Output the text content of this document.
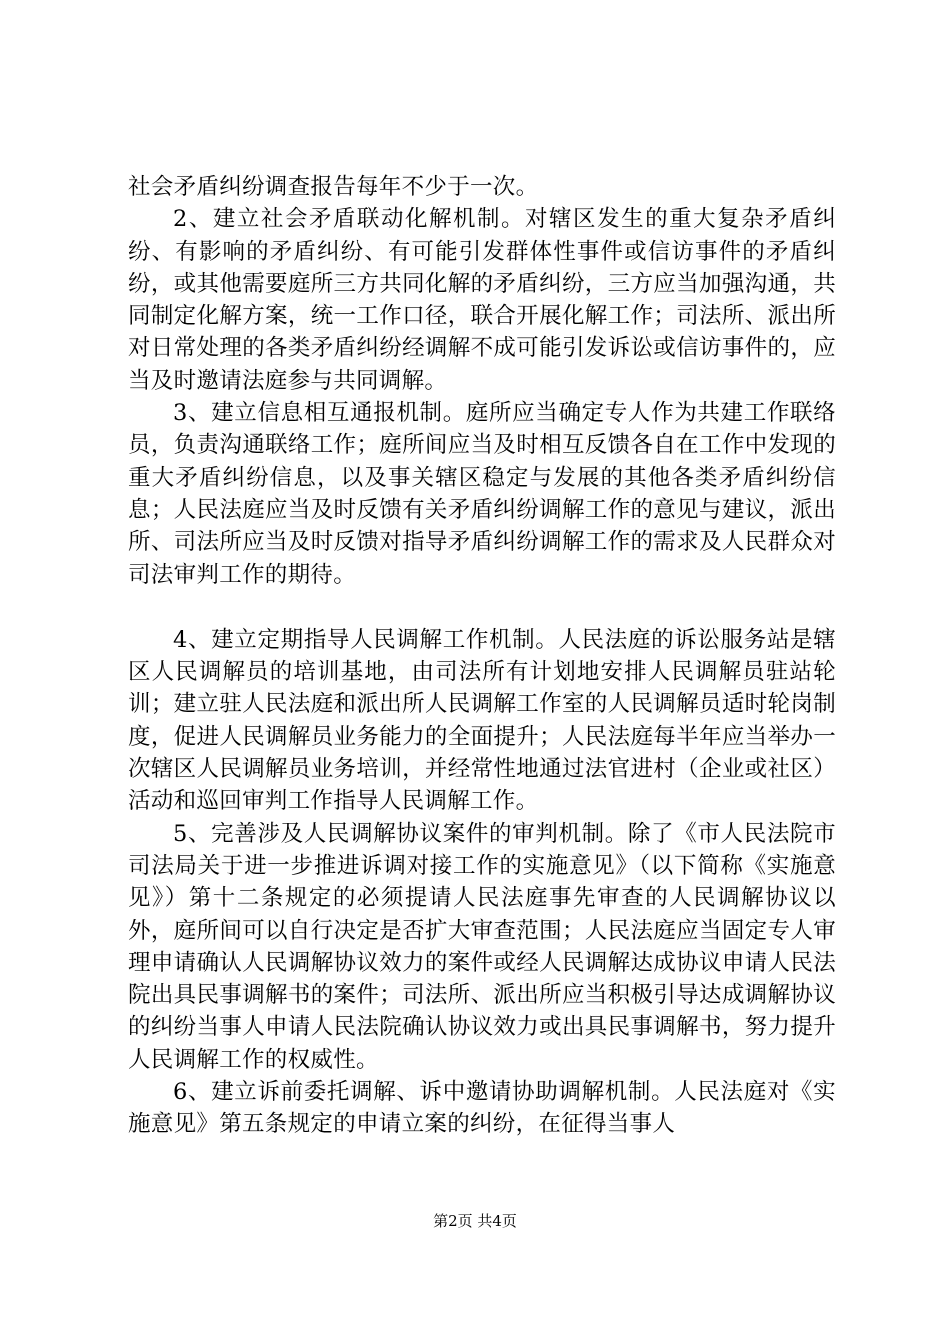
社会矛盾纠纷调查报告每年不少于一次。

2、建立社会矛盾联动化解机制。对辖区发生的重大复杂矛盾纠纷、有影响的矛盾纠纷、有可能引发群体性事件或信访事件的矛盾纠纷，或其他需要庭所三方共同化解的矛盾纠纷，三方应当加强沟通，共同制定化解方案，统一工作口径，联合开展化解工作；司法所、派出所对日常处理的各类矛盾纠纷经调解不成可能引发诉讼或信访事件的，应当及时邀请法庭参与共同调解。

3、建立信息相互通报机制。庭所应当确定专人作为共建工作联络员，负责沟通联络工作；庭所间应当及时相互反馈各自在工作中发现的重大矛盾纠纷信息，以及事关辖区稳定与发展的其他各类矛盾纠纷信息；人民法庭应当及时反馈有关矛盾纠纷调解工作的意见与建议，派出所、司法所应当及时反馈对指导矛盾纠纷调解工作的需求及人民群众对司法审判工作的期待。

4、建立定期指导人民调解工作机制。人民法庭的诉讼服务站是辖区人民调解员的培训基地，由司法所有计划地安排人民调解员驻站轮训；建立驻人民法庭和派出所人民调解工作室的人民调解员适时轮岗制度，促进人民调解员业务能力的全面提升；人民法庭每半年应当举办一次辖区人民调解员业务培训，并经常性地通过法官进村（企业或社区）活动和巡回审判工作指导人民调解工作。

5、完善涉及人民调解协议案件的审判机制。除了《市人民法院市司法局关于进一步推进诉调对接工作的实施意见》（以下简称《实施意见》）第十二条规定的必须提请人民法庭事先审查的人民调解协议以外，庭所间可以自行决定是否扩大审查范围；人民法庭应当固定专人审理申请确认人民调解协议效力的案件或经人民调解达成协议申请人民法院出具民事调解书的案件；司法所、派出所应当积极引导达成调解协议的纠纷当事人申请人民法院确认协议效力或出具民事调解书，努力提升人民调解工作的权威性。

6、建立诉前委托调解、诉中邀请协助调解机制。人民法庭对《实施意见》第五条规定的申请立案的纠纷，在征得当事人

第2页 共4页
